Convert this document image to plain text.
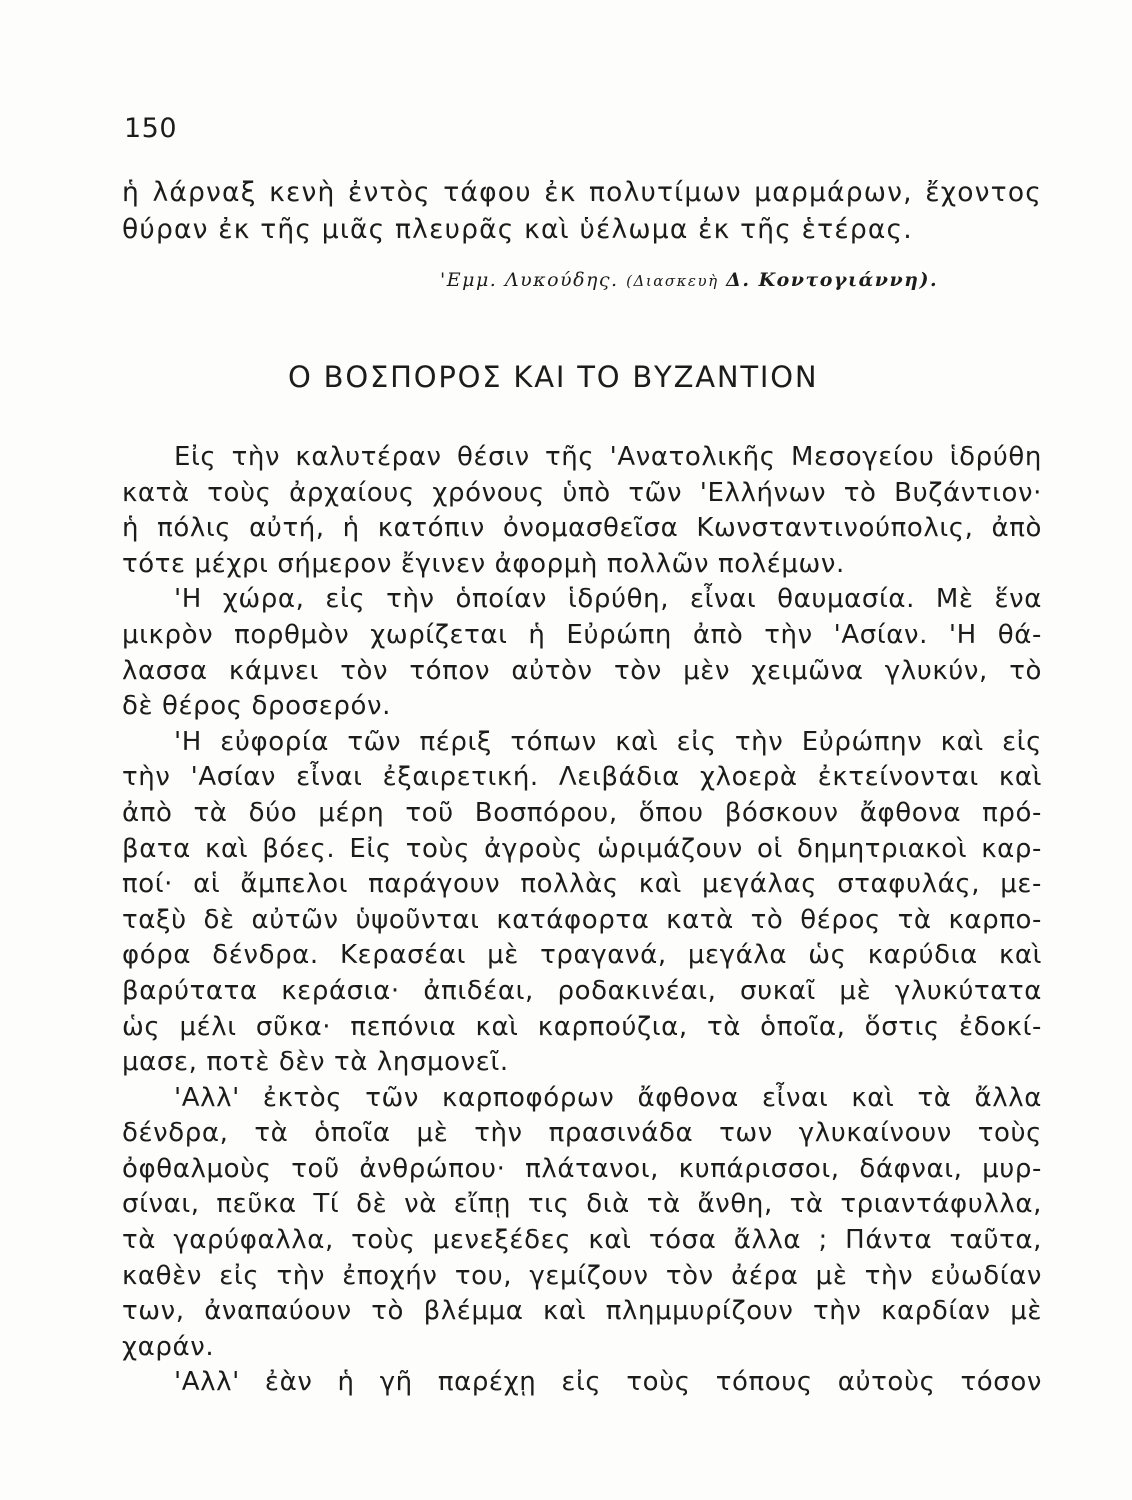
150

ἡ λάρναξ κενὴ ἐντὸς τάφου ἐκ πολυτίμων μαρμάρων, ἔχοντος
θύραν ἐκ τῆς μιᾶς πλευρᾶς καὶ ὑέλωμα ἐκ τῆς ἑτέρας.

'Εμμ. Λυκούδης. (Διασκευὴ Δ. Κοντογιάννη).

Ο ΒΟΣΠΟΡΟΣ ΚΑΙ ΤΟ ΒΥΖΑΝΤΙΟΝ
Εἰς τὴν καλυτέραν θέσιν τῆς 'Ανατολικῆς Μεσογείου ἱδρύθη
κατὰ τοὺς ἀρχαίους χρόνους ὑπὸ τῶν 'Ελλήνων τὸ Βυζάντιον·
ἡ πόλις αὐτή, ἡ κατόπιν ὀνομασθεῖσα Κωνσταντινούπολις, ἀπὸ
τότε μέχρι σήμερον ἔγινεν ἀφορμὴ πολλῶν πολέμων.
'Η χώρα, εἰς τὴν ὁποίαν ἱδρύθη, εἶναι θαυμασία. Μὲ ἕνα
μικρὸν πορθμὸν χωρίζεται ἡ Εὐρώπη ἀπὸ τὴν 'Ασίαν. 'Η θά-
λασσα κάμνει τὸν τόπον αὐτὸν τὸν μὲν χειμῶνα γλυκύν, τὸ
δὲ θέρος δροσερόν.
'Η εὐφορία τῶν πέριξ τόπων καὶ εἰς τὴν Εὐρώπην καὶ εἰς
τὴν 'Ασίαν εἶναι ἐξαιρετική. Λειβάδια χλοερὰ ἐκτείνονται καὶ
ἀπὸ τὰ δύο μέρη τοῦ Βοσπόρου, ὅπου βόσκουν ἄφθονα πρό-
βατα καὶ βόες. Εἰς τοὺς ἀγροὺς ὡριμάζουν οἱ δημητριακοὶ καρ-
ποί· αἱ ἄμπελοι παράγουν πολλὰς καὶ μεγάλας σταφυλάς, με-
ταξὺ δὲ αὐτῶν ὑψοῦνται κατάφορτα κατὰ τὸ θέρος τὰ καρπο-
φόρα δένδρα. Κερασέαι μὲ τραγανά, μεγάλα ὡς καρύδια καὶ
βαρύτατα κεράσια· ἀπιδέαι, ροδακινέαι, συκαῖ μὲ γλυκύτατα
ὡς μέλι σῦκα· πεπόνια καὶ καρπούζια, τὰ ὁποῖα, ὅστις ἐδοκί-
μασε, ποτὲ δὲν τὰ λησμονεῖ.
'Αλλ' ἐκτὸς τῶν καρποφόρων ἄφθονα εἶναι καὶ τὰ ἄλλα
δένδρα, τὰ ὁποῖα μὲ τὴν πρασινάδα των γλυκαίνουν τοὺς
ὀφθαλμοὺς τοῦ ἀνθρώπου· πλάτανοι, κυπάρισσοι, δάφναι, μυρ-
σίναι, πεῦκα Τί δὲ νὰ εἴπῃ τις διὰ τὰ ἄνθη, τὰ τριαντάφυλλα,
τὰ γαρύφαλλα, τοὺς μενεξέδες καὶ τόσα ἄλλα ; Πάντα ταῦτα,
καθὲν εἰς τὴν ἐποχήν του, γεμίζουν τὸν ἀέρα μὲ τὴν εὐωδίαν
των, ἀναπαύουν τὸ βλέμμα καὶ πλημμυρίζουν τὴν καρδίαν μὲ
χαράν.
'Αλλ' ἐὰν ἡ γῆ παρέχῃ εἰς τοὺς τόπους αὐτοὺς τόσον
